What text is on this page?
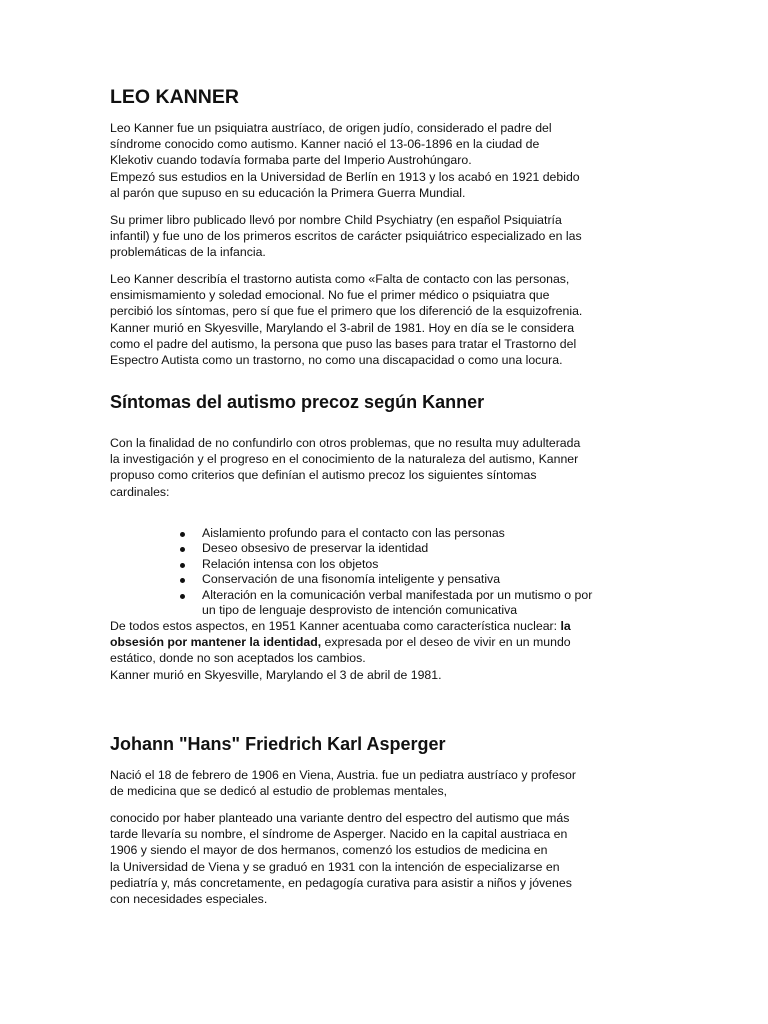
LEO KANNER

Leo Kanner fue un psiquiatra austríaco, de origen judío, considerado el padre del
síndrome conocido como autismo. Kanner nació el 13-06-1896 en la ciudad de
Klekotiv cuando todavía formaba parte del Imperio Austrohúngaro.
Empezó sus estudios en la Universidad de Berlín en 1913 y los acabó en 1921 debido
al parón que supuso en su educación la Primera Guerra Mundial.

Su primer libro publicado llevó por nombre Child Psychiatry (en español Psiquiatría
infantil) y fue uno de los primeros escritos de carácter psiquiátrico especializado en las
problemáticas de la infancia.

Leo Kanner describía el trastorno autista como «Falta de contacto con las personas,
ensimismamiento y soledad emocional. No fue el primer médico o psiquiatra que
percibió los síntomas, pero sí que fue el primero que los diferenció de la esquizofrenia.
Kanner murió en Skyesville, Marylando el 3-abril de 1981. Hoy en día se le considera
como el padre del autismo, la persona que puso las bases para tratar el Trastorno del
Espectro Autista como un trastorno, no como una discapacidad o como una locura.

Síntomas del autismo precoz según Kanner

Con la finalidad de no confundirlo con otros problemas, que no resulta muy adulterada
la investigación y el progreso en el conocimiento de la naturaleza del autismo, Kanner
propuso como criterios que definían el autismo precoz los siguientes síntomas
cardinales:

Aislamiento profundo para el contacto con las personas
Deseo obsesivo de preservar la identidad
Relación intensa con los objetos
Conservación de una fisonomía inteligente y pensativa
Alteración en la comunicación verbal manifestada por un mutismo o por
un tipo de lenguaje desprovisto de intención comunicativa

De todos estos aspectos, en 1951 Kanner acentuaba como característica nuclear: la
obsesión por mantener la identidad, expresada por el deseo de vivir en un mundo
estático, donde no son aceptados los cambios.
Kanner murió en Skyesville, Marylando el 3 de abril de 1981.

Johann "Hans" Friedrich Karl Asperger

Nació el 18 de febrero de 1906 en Viena, Austria. fue un pediatra austríaco y profesor
de medicina que se dedicó al estudio de problemas mentales,

conocido por haber planteado una variante dentro del espectro del autismo que más
tarde llevaría su nombre, el síndrome de Asperger. Nacido en la capital austriaca en
1906 y siendo el mayor de dos hermanos, comenzó los estudios de medicina en
la Universidad de Viena y se graduó en 1931 con la intención de especializarse en
pediatría y, más concretamente, en pedagogía curativa para asistir a niños y jóvenes
con necesidades especiales.
